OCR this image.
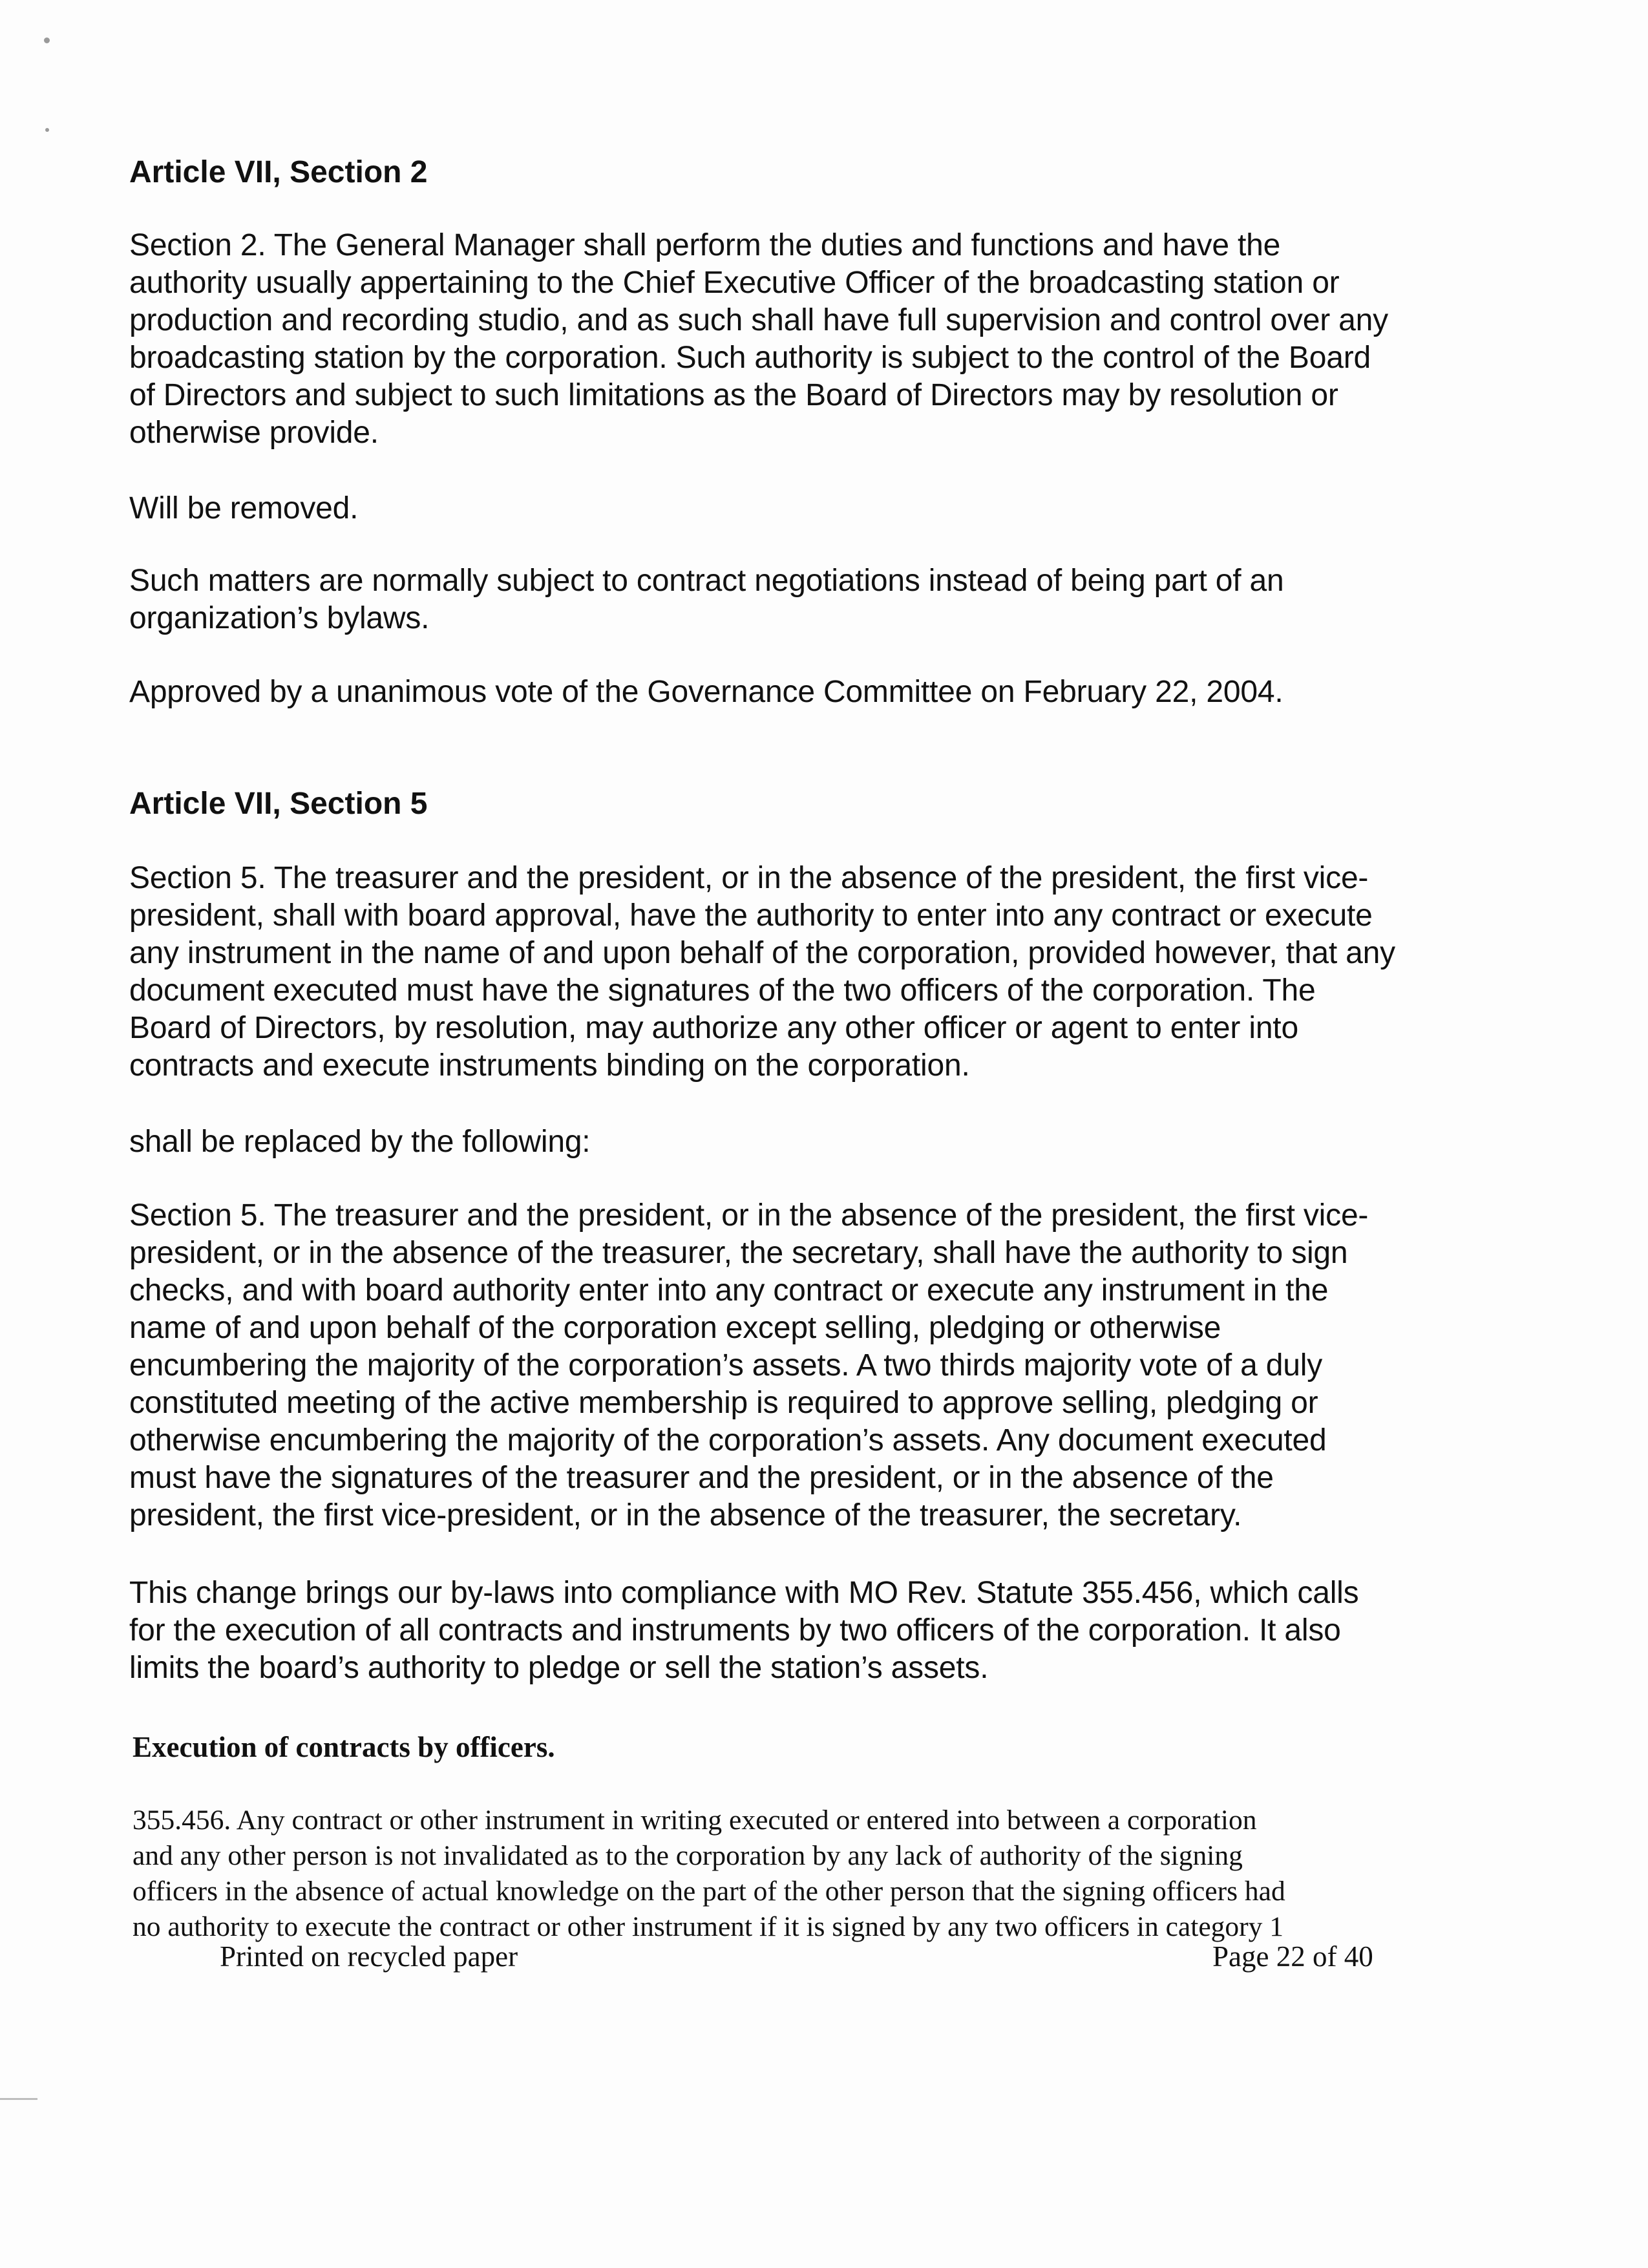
Article VII, Section 2

Section 2. The General Manager shall perform the duties and functions and have the

authority usually appertaining to the Chief Executive Officer of the broadcasting station or

production and recording studio, and as such shall have full supervision and control over any

broadcasting station by the corporation. Such authority is subject to the control of the Board

of Directors and subject to such limitations as the Board of Directors may by resolution or

otherwise provide.

Will be removed.

Such matters are normally subject to contract negotiations instead of being part of an

organization’s bylaws.

Approved by a unanimous vote of the Governance Committee on February 22, 2004.

Article VII, Section 5

Section 5. The treasurer and the president, or in the absence of the president, the first vice-

president, shall with board approval, have the authority to enter into any contract or execute

any instrument in the name of and upon behalf of the corporation, provided however, that any

document executed must have the signatures of the two officers of the corporation. The

Board of Directors, by resolution, may authorize any other officer or agent to enter into

contracts and execute instruments binding on the corporation.

shall be replaced by the following:

Section 5. The treasurer and the president, or in the absence of the president, the first vice-

president, or in the absence of the treasurer, the secretary, shall have the authority to sign

checks, and with board authority enter into any contract or execute any instrument in the

name of and upon behalf of the corporation except selling, pledging or otherwise

encumbering the majority of the corporation’s assets. A two thirds majority vote of a duly

constituted meeting of the active membership is required to approve selling, pledging or

otherwise encumbering the majority of the corporation’s assets. Any document executed

must have the signatures of the treasurer and the president, or in the absence of the

president, the first vice-president, or in the absence of the treasurer, the secretary.

This change brings our by-laws into compliance with MO Rev. Statute 355.456, which calls

for the execution of all contracts and instruments by two officers of the corporation. It also

limits the board’s authority to pledge or sell the station’s assets.

Execution of contracts by officers.

355.456. Any contract or other instrument in writing executed or entered into between a corporation

and any other person is not invalidated as to the corporation by any lack of authority of the signing

officers in the absence of actual knowledge on the part of the other person that the signing officers had

no authority to execute the contract or other instrument if it is signed by any two officers in category 1

Printed on recycled paper	Page 22 of 40
